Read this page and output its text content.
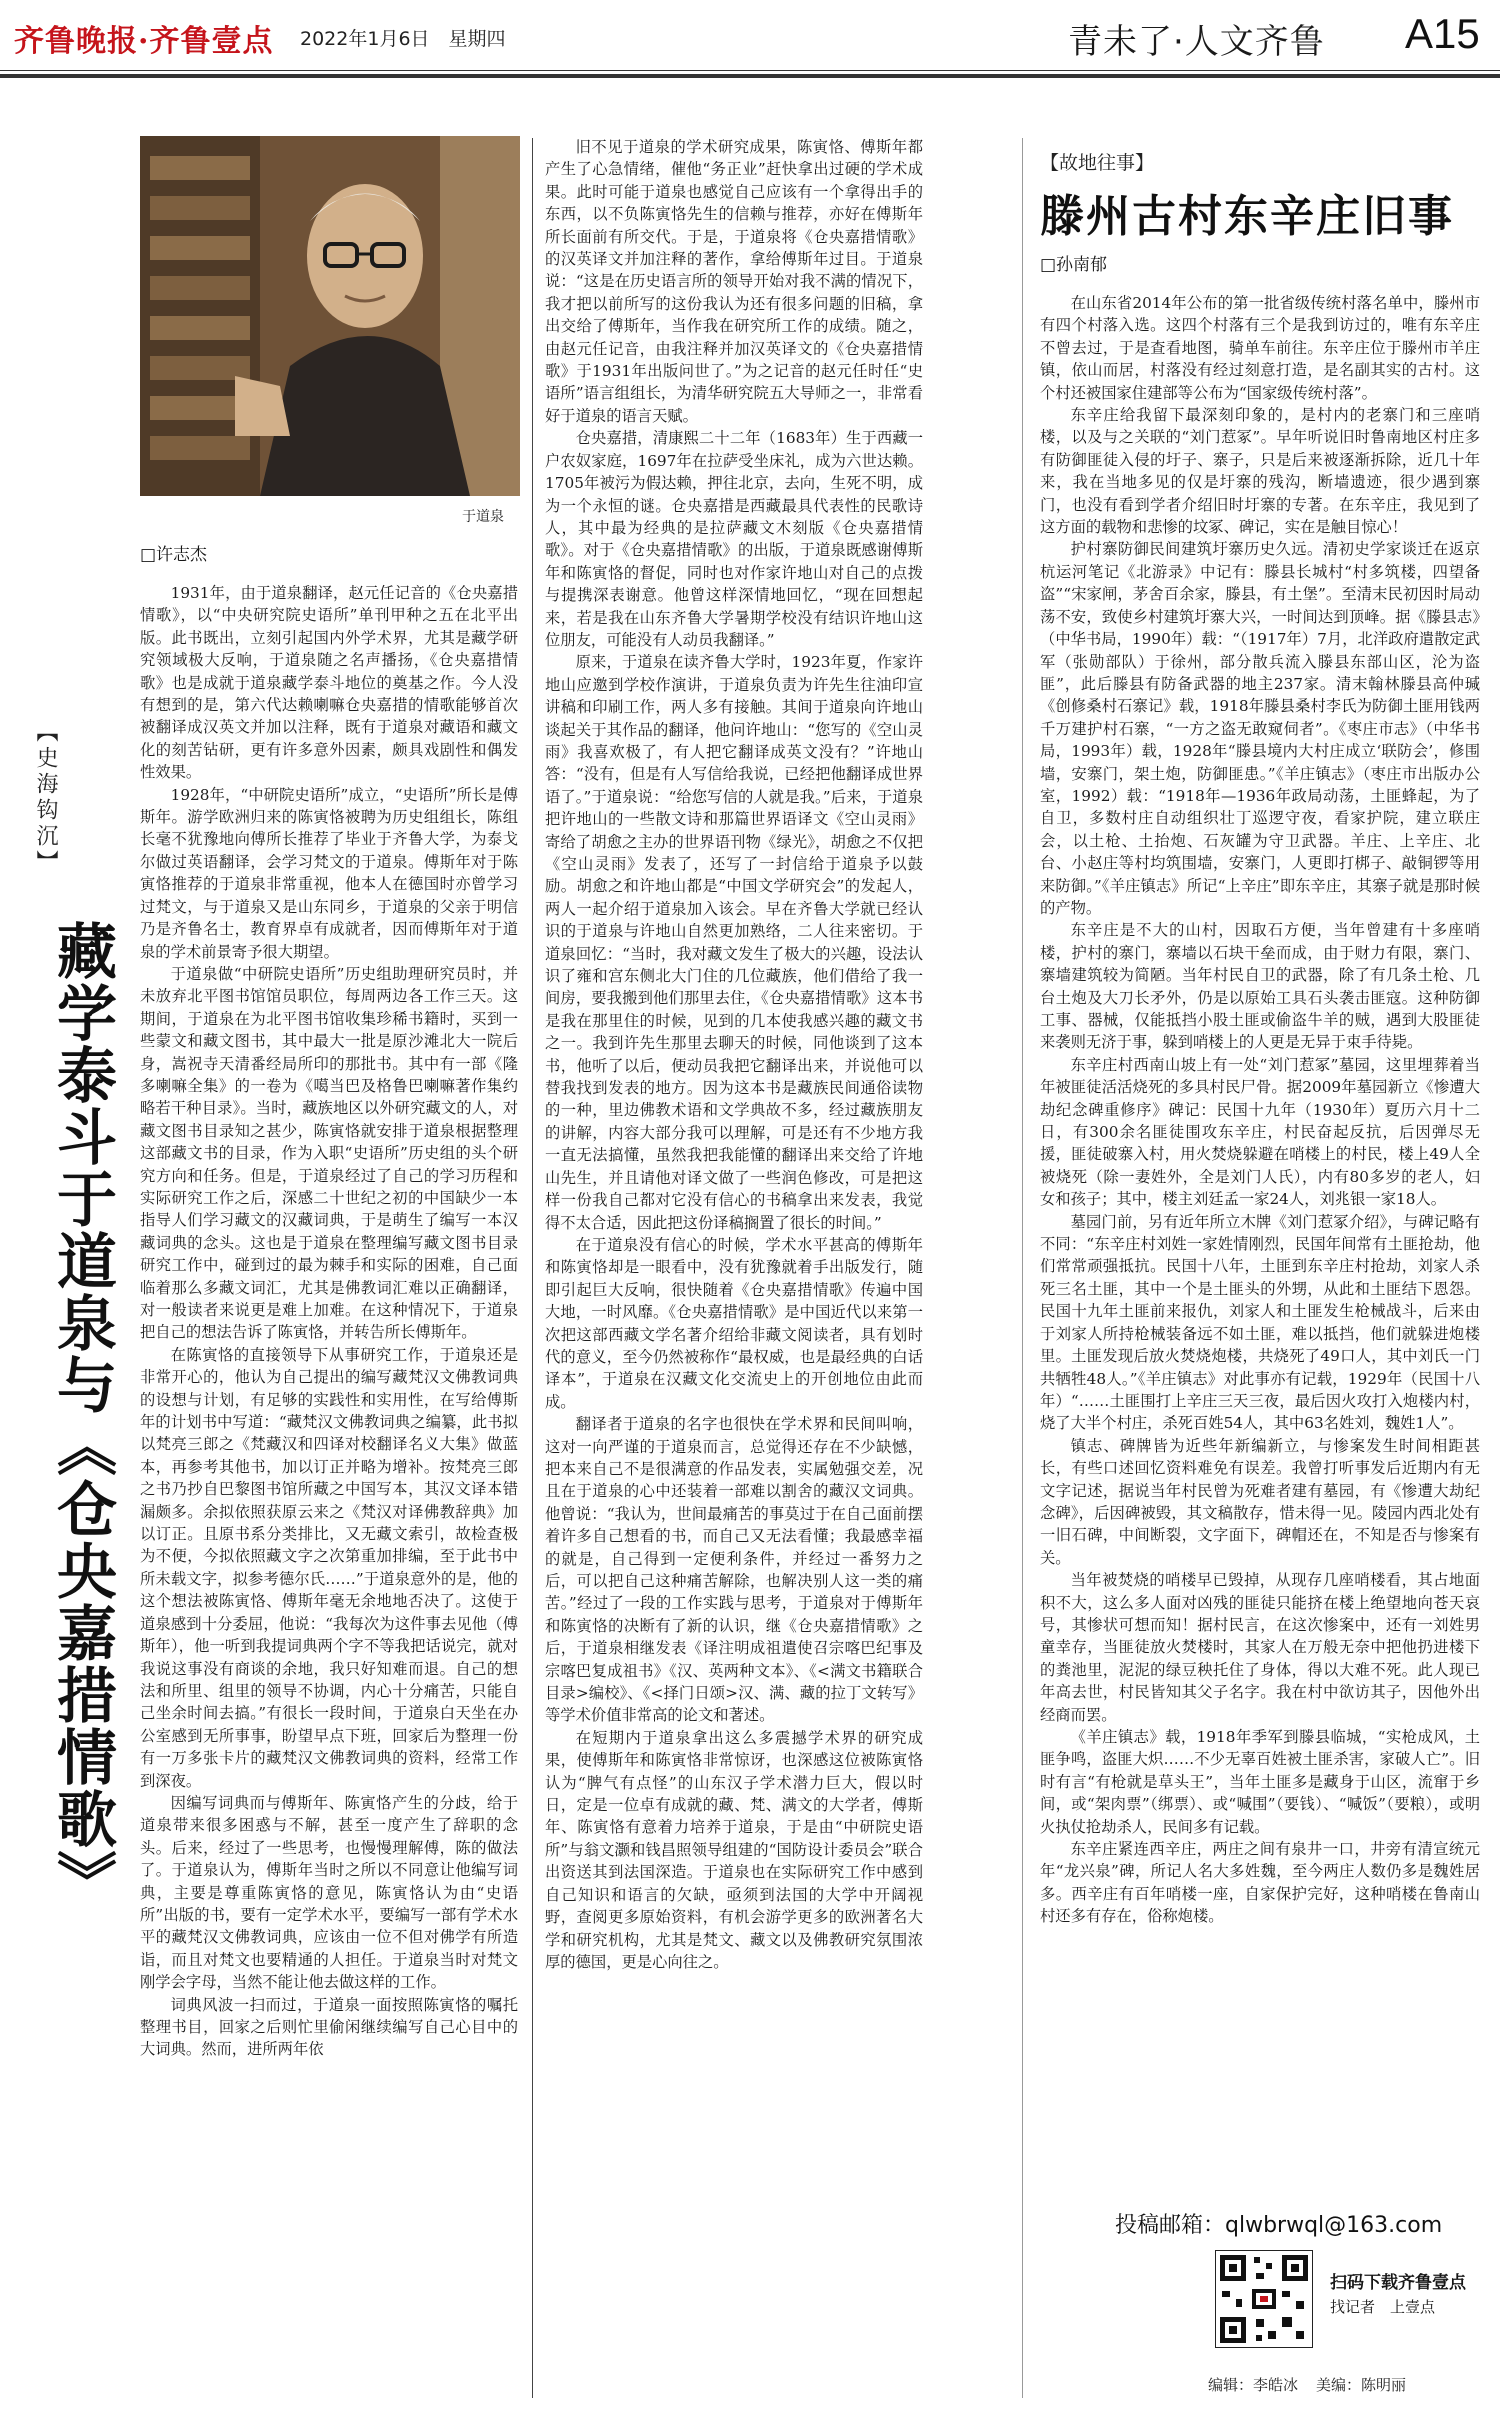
齐鲁晚报·齐鲁壹点 2022年1月6日　星期四	青未了·人文齐鲁 A15
于道泉
□许志杰
【史海钩沉】
藏学泰斗于道泉与《仓央嘉措情歌》

1931年，由于道泉翻译，赵元任记音的《仓央嘉措情歌》，以“中央研究院史语所”单刊甲种之五在北平出版。此书既出，立刻引起国内外学术界，尤其是藏学研究领域极大反响，于道泉随之名声播扬，《仓央嘉措情歌》也是成就于道泉藏学泰斗地位的奠基之作。今人没有想到的是，第六代达赖喇嘛仓央嘉措的情歌能够首次被翻译成汉英文并加以注释，既有于道泉对藏语和藏文化的刻苦钻研，更有许多意外因素，颇具戏剧性和偶发性效果。

1928年，“中研院史语所”成立，“史语所”所长是傅斯年。游学欧洲归来的陈寅恪被聘为历史组组长，陈组长毫不犹豫地向傅所长推荐了毕业于齐鲁大学，为泰戈尔做过英语翻译，会学习梵文的于道泉。傅斯年对于陈寅恪推荐的于道泉非常重视，他本人在德国时亦曾学习过梵文，与于道泉又是山东同乡，于道泉的父亲于明信乃是齐鲁名士，教育界卓有成就者，因而傅斯年对于道泉的学术前景寄予很大期望。

于道泉做“中研院史语所”历史组助理研究员时，并未放弃北平图书馆馆员职位，每周两边各工作三天。这期间，于道泉在为北平图书馆收集珍稀书籍时，买到一些蒙文和藏文图书，其中最大一批是原沙滩北大一院后身，嵩祝寺天清番经局所印的那批书。其中有一部《隆多喇嘛全集》的一卷为《噶当巴及格鲁巴喇嘛著作集约略若干种目录》。当时，藏族地区以外研究藏文的人，对藏文图书目录知之甚少，陈寅恪就安排于道泉根据整理这部藏文书的目录，作为入职“史语所”历史组的头个研究方向和任务。但是，于道泉经过了自己的学习历程和实际研究工作之后，深感二十世纪之初的中国缺少一本指导人们学习藏文的汉藏词典，于是萌生了编写一本汉藏词典的念头。这也是于道泉在整理编写藏文图书目录研究工作中，碰到过的最为棘手和实际的困难，自己面临着那么多藏文词汇，尤其是佛教词汇难以正确翻译，对一般读者来说更是难上加难。在这种情况下，于道泉把自己的想法告诉了陈寅恪，并转告所长傅斯年。

在陈寅恪的直接领导下从事研究工作，于道泉还是非常开心的，他认为自己提出的编写藏梵汉文佛教词典的设想与计划，有足够的实践性和实用性，在写给傅斯年的计划书中写道：“藏梵汉文佛教词典之编纂，此书拟以梵亮三郎之《梵藏汉和四译对校翻译名义大集》做蓝本，再参考其他书，加以订正并略为增补。按梵亮三郎之书乃抄自巴黎图书馆所藏之中国写本，其汉文译本错漏颇多。余拟依照获原云来之《梵汉对译佛教辞典》加以订正。且原书系分类排比，又无藏文索引，故检查极为不便，今拟依照藏文字之次第重加排编，至于此书中所未载文字，拟参考德尔氏……”于道泉意外的是，他的这个想法被陈寅恪、傅斯年毫无余地地否决了。这使于道泉感到十分委屈，他说：“我每次为这件事去见他（傅斯年），他一听到我提词典两个字不等我把话说完，就对我说这事没有商谈的余地，我只好知难而退。自己的想法和所里、组里的领导不协调，内心十分痛苦，只能自己坐余时间去搞。”有很长一段时间，于道泉白天坐在办公室感到无所事事，盼望早点下班，回家后为整理一份有一万多张卡片的藏梵汉文佛教词典的资料，经常工作到深夜。

因编写词典而与傅斯年、陈寅恪产生的分歧，给于道泉带来很多困惑与不解，甚至一度产生了辞职的念头。后来，经过了一些思考，也慢慢理解傅，陈的做法了。于道泉认为，傅斯年当时之所以不同意让他编写词典，主要是尊重陈寅恪的意见，陈寅恪认为由“史语所”出版的书，要有一定学术水平，要编写一部有学术水平的藏梵汉文佛教词典，应该由一位不但对佛学有所造诣，而且对梵文也要精通的人担任。于道泉当时对梵文刚学会字母，当然不能让他去做这样的工作。

词典风波一扫而过，于道泉一面按照陈寅恪的嘱托整理书目，回家之后则忙里偷闲继续编写自己心目中的大词典。然而，进所两年依

旧不见于道泉的学术研究成果，陈寅恪、傅斯年都产生了心急情绪，催他“务正业”赶快拿出过硬的学术成果。此时可能于道泉也感觉自己应该有一个拿得出手的东西，以不负陈寅恪先生的信赖与推荐，亦好在傅斯年所长面前有所交代。于是，于道泉将《仓央嘉措情歌》的汉英译文并加注释的著作，拿给傅斯年过目。于道泉说：“这是在历史语言所的领导开始对我不满的情况下，我才把以前所写的这份我认为还有很多问题的旧稿，拿出交给了傅斯年，当作我在研究所工作的成绩。随之，由赵元任记音，由我注释并加汉英译文的《仓央嘉措情歌》于1931年出版问世了。”为之记音的赵元任时任“史语所”语言组组长，为清华研究院五大导师之一，非常看好于道泉的语言天赋。

仓央嘉措，清康熙二十二年（1683年）生于西藏一户农奴家庭，1697年在拉萨受坐床礼，成为六世达赖。1705年被污为假达赖，押往北京，去向，生死不明，成为一个永恒的谜。仓央嘉措是西藏最具代表性的民歌诗人，其中最为经典的是拉萨藏文木刻版《仓央嘉措情歌》。对于《仓央嘉措情歌》的出版，于道泉既感谢傅斯年和陈寅恪的督促，同时也对作家许地山对自己的点拨与提携深表谢意。他曾这样深情地回忆，“现在回想起来，若是我在山东齐鲁大学暑期学校没有结识许地山这位朋友，可能没有人动员我翻译。”

原来，于道泉在读齐鲁大学时，1923年夏，作家许地山应邀到学校作演讲，于道泉负责为许先生往油印宣讲稿和印刷工作，两人多有接触。其间于道泉向许地山谈起关于其作品的翻译，他问许地山：“您写的《空山灵雨》我喜欢极了，有人把它翻译成英文没有？”许地山答：“没有，但是有人写信给我说，已经把他翻译成世界语了。”于道泉说：“给您写信的人就是我。”后来，于道泉把许地山的一些散文诗和那篇世界语译文《空山灵雨》寄给了胡愈之主办的世界语刊物《绿光》，胡愈之不仅把《空山灵雨》发表了，还写了一封信给于道泉予以鼓励。胡愈之和许地山都是“中国文学研究会”的发起人，两人一起介绍于道泉加入该会。早在齐鲁大学就已经认识的于道泉与许地山自然更加熟络，二人往来密切。于道泉回忆：“当时，我对藏文发生了极大的兴趣，设法认识了雍和宫东侧北大门住的几位藏族，他们借给了我一间房，要我搬到他们那里去住，《仓央嘉措情歌》这本书是我在那里住的时候，见到的几本使我感兴趣的藏文书之一。我到许先生那里去聊天的时候，同他谈到了这本书，他听了以后，便动员我把它翻译出来，并说他可以替我找到发表的地方。因为这本书是藏族民间通俗读物的一种，里边佛教术语和文学典故不多，经过藏族朋友的讲解，内容大部分我可以理解，可是还有不少地方我一直无法搞懂，虽然我把我能懂的翻译出来交给了许地山先生，并且请他对译文做了一些润色修改，可是把这样一份我自己都对它没有信心的书稿拿出来发表，我觉得不太合适，因此把这份译稿搁置了很长的时间。”

在于道泉没有信心的时候，学术水平甚高的傅斯年和陈寅恪却是一眼看中，没有犹豫就着手出版发行，随即引起巨大反响，很快随着《仓央嘉措情歌》传遍中国大地，一时风靡。《仓央嘉措情歌》是中国近代以来第一次把这部西藏文学名著介绍给非藏文阅读者，具有划时代的意义，至今仍然被称作“最权威，也是最经典的白话译本”，于道泉在汉藏文化交流史上的开创地位由此而成。

翻译者于道泉的名字也很快在学术界和民间叫响，这对一向严谨的于道泉而言，总觉得还存在不少缺憾，把本来自己不是很满意的作品发表，实属勉强交差，况且在于道泉的心中还装着一部难以割舍的藏汉文词典。他曾说：“我认为，世间最痛苦的事莫过于在自己面前摆着许多自己想看的书，而自己又无法看懂；我最感幸福的就是，自己得到一定便利条件，并经过一番努力之后，可以把自己这种痛苦解除，也解决别人这一类的痛苦。”经过了一段的工作实践与思考，于道泉对于傅斯年和陈寅恪的决断有了新的认识，继《仓央嘉措情歌》之后，于道泉相继发表《译注明成祖遣使召宗喀巴纪事及宗喀巴复成祖书》《汉、英两种文本》、《<满文书籍联合目录>编校》、《<择门日颂>汉、满、藏的拉丁文转写》等学术价值非常高的论文和著述。

在短期内于道泉拿出这么多震撼学术界的研究成果，使傅斯年和陈寅恪非常惊讶，也深感这位被陈寅恪认为“脾气有点怪”的山东汉子学术潜力巨大，假以时日，定是一位卓有成就的藏、梵、满文的大学者，傅斯年、陈寅恪有意着力培养于道泉，于是由“中研院史语所”与翁文灏和钱昌照领导组建的“国防设计委员会”联合出资送其到法国深造。于道泉也在实际研究工作中感到自己知识和语言的欠缺，亟须到法国的大学中开阔视野，查阅更多原始资料，有机会游学更多的欧洲著名大学和研究机构，尤其是梵文、藏文以及佛教研究氛围浓厚的德国，更是心向往之。

【故地往事】
滕州古村东辛庄旧事
□孙南郁

在山东省2014年公布的第一批省级传统村落名单中，滕州市有四个村落入选。这四个村落有三个是我到访过的，唯有东辛庄不曾去过，于是查看地图，骑单车前往。东辛庄位于滕州市羊庄镇，依山而居，村落没有经过刻意打造，是名副其实的古村。这个村还被国家住建部等公布为“国家级传统村落”。

东辛庄给我留下最深刻印象的，是村内的老寨门和三座哨楼，以及与之关联的“刘门惹冢”。早年听说旧时鲁南地区村庄多有防御匪徒入侵的圩子、寨子，只是后来被逐渐拆除，近几十年来，我在当地多见的仅是圩寨的残沟，断墙遗迹，很少遇到寨门，也没有看到学者介绍旧时圩寨的专著。在东辛庄，我见到了这方面的载物和悲惨的坟冢、碑记，实在是触目惊心！

护村寨防御民间建筑圩寨历史久远。清初史学家谈迁在返京杭运河笔记《北游录》中记有：滕县长城村“村多筑楼，四望备盗”“宋家闸，茅舍百余家，滕县，有土堡”。至清末民初因时局动荡不安，致使乡村建筑圩寨大兴，一时间达到顶峰。据《滕县志》（中华书局，1990年）载：“（1917年）7月，北洋政府遣散定武军（张勋部队）于徐州，部分散兵流入滕县东部山区，沦为盗匪”，此后滕县有防备武器的地主237家。清末翰林滕县高仲瑊《创修桑村石寨记》载，1918年滕县桑村李氏为防御土匪用钱两千万建护村石寨，“一方之盗无敢窥伺者”。《枣庄市志》（中华书局，1993年）载，1928年“滕县境内大村庄成立‘联防会’，修围墙，安寨门，架土炮，防御匪患。”《羊庄镇志》（枣庄市出版办公室，1992）载：“1918年—1936年政局动荡，土匪蜂起，为了自卫，多数村庄自动组织壮丁巡逻守夜，看家护院，建立联庄会，以土枪、土抬炮、石灰罐为守卫武器。羊庄、上辛庄、北台、小赵庄等村均筑围墙，安寨门，人更即打梆子、敲铜锣等用来防御。”《羊庄镇志》所记“上辛庄”即东辛庄，其寨子就是那时候的产物。

东辛庄是不大的山村，因取石方便，当年曾建有十多座哨楼，护村的寨门，寨墙以石块干垒而成，由于财力有限，寨门、寨墙建筑较为简陋。当年村民自卫的武器，除了有几条土枪、几台土炮及大刀长矛外，仍是以原始工具石头袭击匪寇。这种防御工事、器械，仅能抵挡小股土匪或偷盗牛羊的贼，遇到大股匪徒来袭则无济于事，躲到哨楼上的人更是无异于束手待毙。

东辛庄村西南山坡上有一处“刘门惹冢”墓园，这里埋葬着当年被匪徒活活烧死的多具村民尸骨。据2009年墓园新立《惨遭大劫纪念碑重修序》碑记：民国十九年（1930年）夏历六月十二日，有300余名匪徒围攻东辛庄，村民奋起反抗，后因弹尽无援，匪徒破寨入村，用火焚烧躲避在哨楼上的村民，楼上49人全被烧死（除一妻姓外，全是刘门人氏），内有80多岁的老人，妇女和孩子；其中，楼主刘廷孟一家24人，刘兆银一家18人。

墓园门前，另有近年所立木牌《刘门惹冢介绍》，与碑记略有不同：“东辛庄村刘姓一家姓情刚烈，民国年间常有土匪抢劫，他们常常顽强抵抗。民国十八年，土匪到东辛庄村抢劫，刘家人杀死三名土匪，其中一个是土匪头的外甥，从此和土匪结下恩怨。民国十九年土匪前来报仇，刘家人和土匪发生枪械战斗，后来由于刘家人所持枪械装备远不如土匪，难以抵挡，他们就躲进炮楼里。土匪发现后放火焚烧炮楼，共烧死了49口人，其中刘氏一门共牺牲48人。”《羊庄镇志》对此事亦有记载，1929年（民国十八年）“……土匪围打上辛庄三天三夜，最后因火攻打入炮楼内村，烧了大半个村庄，杀死百姓54人，其中63名姓刘，魏姓1人”。

镇志、碑牌皆为近些年新编新立，与惨案发生时间相距甚长，有些口述回忆资料难免有误差。我曾打听事发后近期内有无文字记述，据说当年村民曾为死难者建有墓园，有《惨遭大劫纪念碑》，后因碑被毁，其文稿散存，惜未得一见。陵园内西北处有一旧石碑，中间断裂，文字面下，碑帽还在，不知是否与惨案有关。

当年被焚烧的哨楼早已毁掉，从现存几座哨楼看，其占地面积不大，这么多人面对凶残的匪徒只能挤在楼上绝望地向苍天哀号，其惨状可想而知！据村民言，在这次惨案中，还有一刘姓男童幸存，当匪徒放火焚楼时，其家人在万般无奈中把他扔进楼下的粪池里，泥泥的绿豆秧托住了身体，得以大难不死。此人现已年高去世，村民皆知其父子名字。我在村中欲访其子，因他外出经商而罢。

《羊庄镇志》载，1918年季军到滕县临城，“实枪成风，土匪争鸣，盗匪大炽……不少无辜百姓被土匪杀害，家破人亡”。旧时有言“有枪就是草头王”，当年土匪多是藏身于山区，流窜于乡间，或“架肉票”（绑票）、或“喊围”（要钱）、“喊饭”（要粮），或明火执仗抢劫杀人，民间多有记载。

东辛庄紧连西辛庄，两庄之间有泉井一口，井旁有清宣统元年“龙兴泉”碑，所记人名大多姓魏，至今两庄人数仍多是魏姓居多。西辛庄有百年哨楼一座，自家保护完好，这种哨楼在鲁南山村还多有存在，俗称炮楼。

投稿邮箱：qlwbrwql@163.com
扫码下载齐鲁壹点
找记者　上壹点
编辑：李皓冰 美编：陈明丽
